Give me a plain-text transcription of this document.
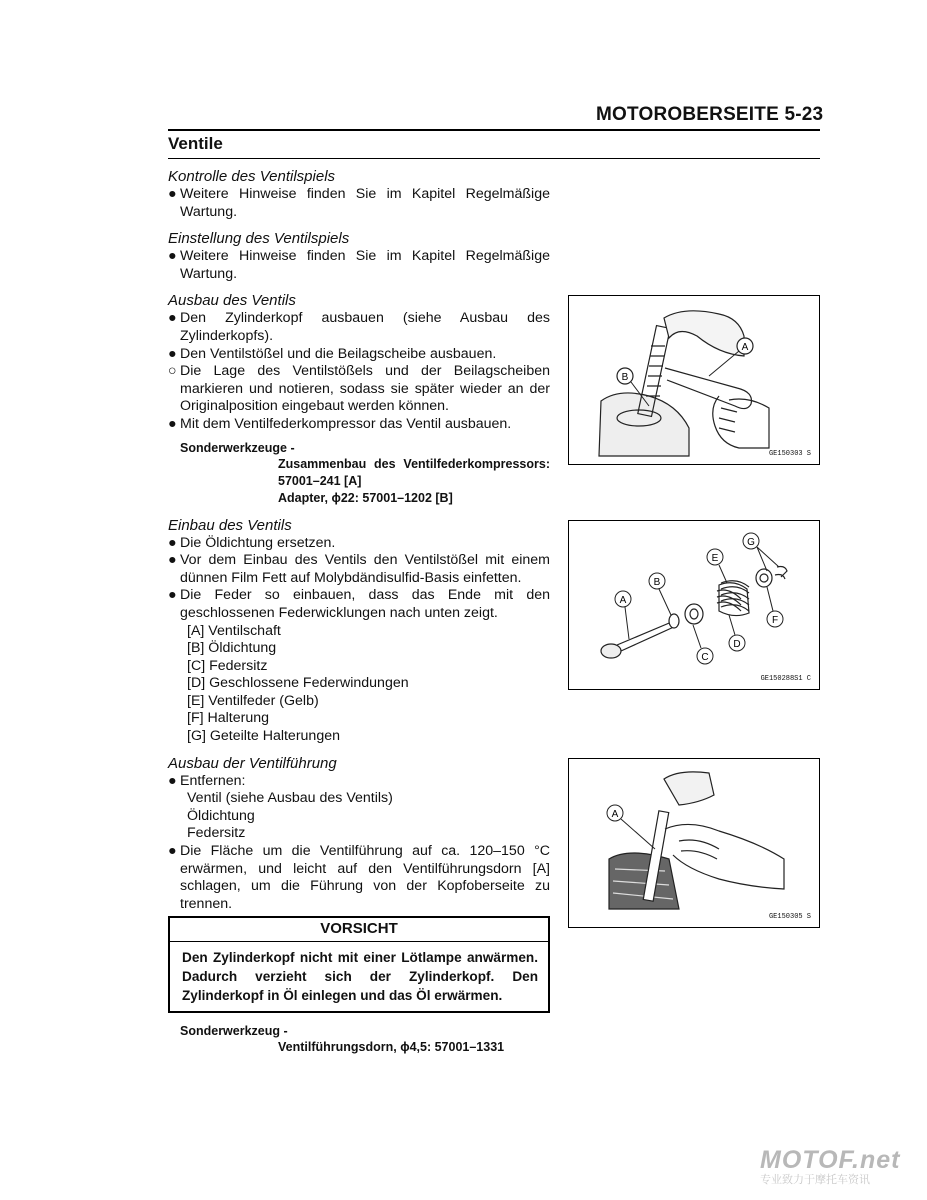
MOTOROBERSEITE 5-23
Ventile

Kontrolle des Ventilspiels

● Weitere Hinweise finden Sie im Kapitel Regelmäßige Wartung.

Einstellung des Ventilspiels

● Weitere Hinweise finden Sie im Kapitel Regelmäßige Wartung.

Ausbau des Ventils

● Den Zylinderkopf ausbauen (siehe Ausbau des Zylinderkopfs).
● Den Ventilstößel und die Beilagscheibe ausbauen.
○ Die Lage des Ventilstößels und der Beilagscheiben markieren und notieren, sodass sie später wieder an der Originalposition eingebaut werden können.
● Mit dem Ventilfederkompressor das Ventil ausbauen.
Sonderwerkzeuge -
Zusammenbau des Ventilfederkompressors: 57001–241 [A]
Adapter, ϕ22: 57001–1202 [B]

Einbau des Ventils

● Die Öldichtung ersetzen.
● Vor dem Einbau des Ventils den Ventilstößel mit einem dünnen Film Fett auf Molybdändisulfid-Basis einfetten.
● Die Feder so einbauen, dass das Ende mit den geschlossenen Federwicklungen nach unten zeigt.
[A] Ventilschaft
[B] Öldichtung
[C] Federsitz
[D] Geschlossene Federwindungen
[E] Ventilfeder (Gelb)
[F] Halterung
[G] Geteilte Halterungen

Ausbau der Ventilführung

● Entfernen:
Ventil (siehe Ausbau des Ventils)
Öldichtung
Federsitz
● Die Fläche um die Ventilführung auf ca. 120–150 °C erwärmen, und leicht auf den Ventilführungsdorn [A] schlagen, um die Führung von der Kopfoberseite zu trennen.
VORSICHT
Den Zylinderkopf nicht mit einer Lötlampe anwärmen. Dadurch verzieht sich der Zylinderkopf. Den Zylinderkopf in Öl einlegen und das Öl erwärmen.
Sonderwerkzeug -
Ventilführungsdorn, ϕ4,5: 57001–1331
A
B
GE150303 S
A
B
C
D
E
F
G
GE150288S1 C
A
GE150305 S
MOTOF.net
专业致力于摩托车资讯
